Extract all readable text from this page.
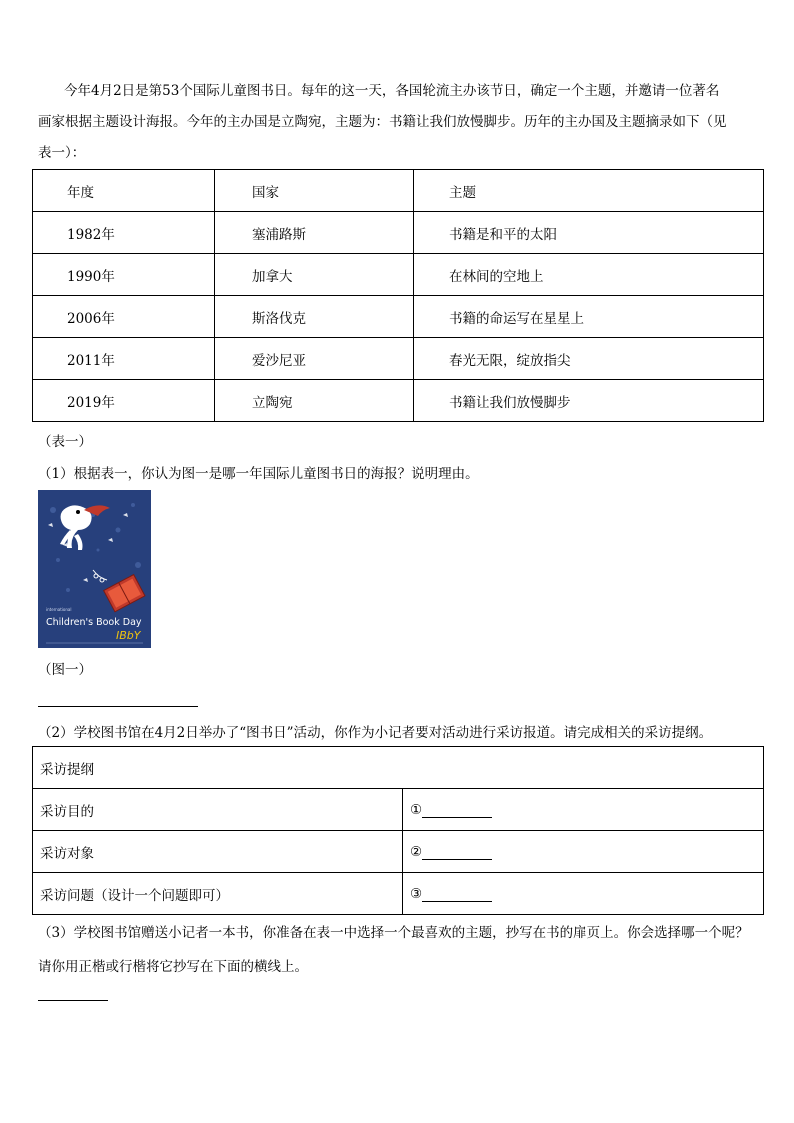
今年4月2日是第53个国际儿童图书日。每年的这一天，各国轮流主办该节日，确定一个主题，并邀请一位著名
画家根据主题设计海报。今年的主办国是立陶宛，主题为：书籍让我们放慢脚步。历年的主办国及主题摘录如下（见
表一）：
年度	国家	主题
1982年	塞浦路斯	书籍是和平的太阳
1990年	加拿大	在林间的空地上
2006年	斯洛伐克	书籍的命运写在星星上
2011年	爱沙尼亚	春光无限，绽放指尖
2019年	立陶宛	书籍让我们放慢脚步
（表一）
（1）根据表一，你认为图一是哪一年国际儿童图书日的海报？说明理由。
international
Children's Book Day
IBbY
（图一）
（2）学校图书馆在4月2日举办了“图书日”活动，你作为小记者要对活动进行采访报道。请完成相关的采访提纲。
采访提纲	
采访目的	①
采访对象	②
采访问题（设计一个问题即可）	③
（3）学校图书馆赠送小记者一本书，你准备在表一中选择一个最喜欢的主题，抄写在书的扉页上。你会选择哪一个呢？
请你用正楷或行楷将它抄写在下面的横线上。
